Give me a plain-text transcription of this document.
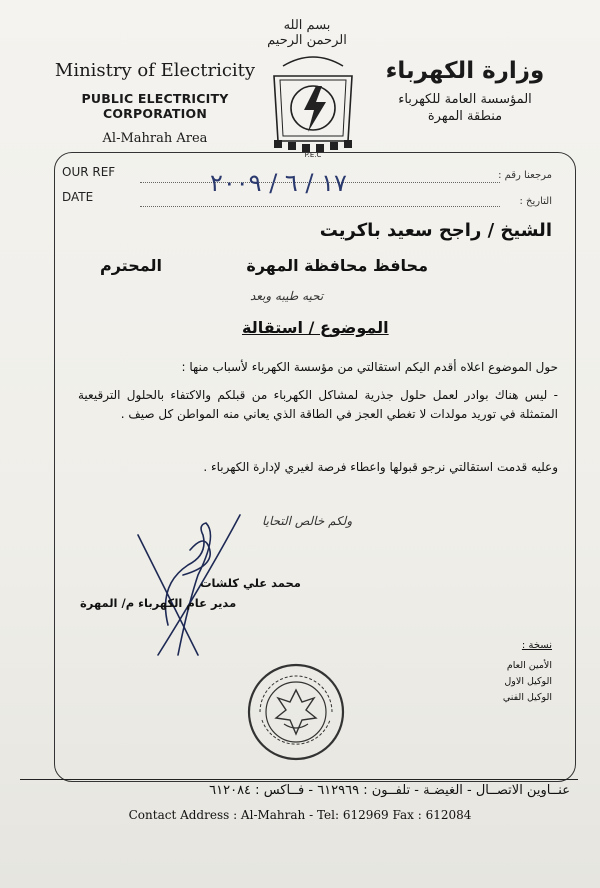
بسم الله الرحمن الرحيم
Ministry of Electricity
PUBLIC ELECTRICITY CORPORATION
Al-Mahrah Area
P.E.C
وزارة الكهرباء
المؤسسة العامة للكهرباء
منطقة المهرة
OUR REF
DATE
مرجعنا رقم :
التاريخ :
١٧ / ٦ / ٢٠٠٩
الشيخ / راجح سعيد باكريت
محافظ محافظة المهرة
المحترم
تحيه طيبه وبعد
الموضوع / استقالة
حول الموضوع اعلاه أقدم اليكم استقالتي من مؤسسة الكهرباء لأسباب منها :
- ليس هناك بوادر لعمل حلول جذرية لمشاكل الكهرباء من قبلكم والاكتفاء بالحلول الترقيعية المتمثلة في توريد مولدات لا تغطي العجز في الطاقة الذي يعاني منه المواطن كل صيف .
وعليه قدمت استقالتي نرجو قبولها واعطاء فرصة لغيري لإدارة الكهرباء .
ولكم خالص التحايا
محمد علي كلشات
مدير عام الكهرباء م/ المهرة
نسخة :
الأمين العام
الوكيل الاول
الوكيل الفني
عنــاوين الاتصــال - الغيضـة - تلفــون : ٦١٢٩٦٩ - فــاكس : ٦١٢٠٨٤
Contact Address : Al-Mahrah - Tel: 612969 Fax : 612084
